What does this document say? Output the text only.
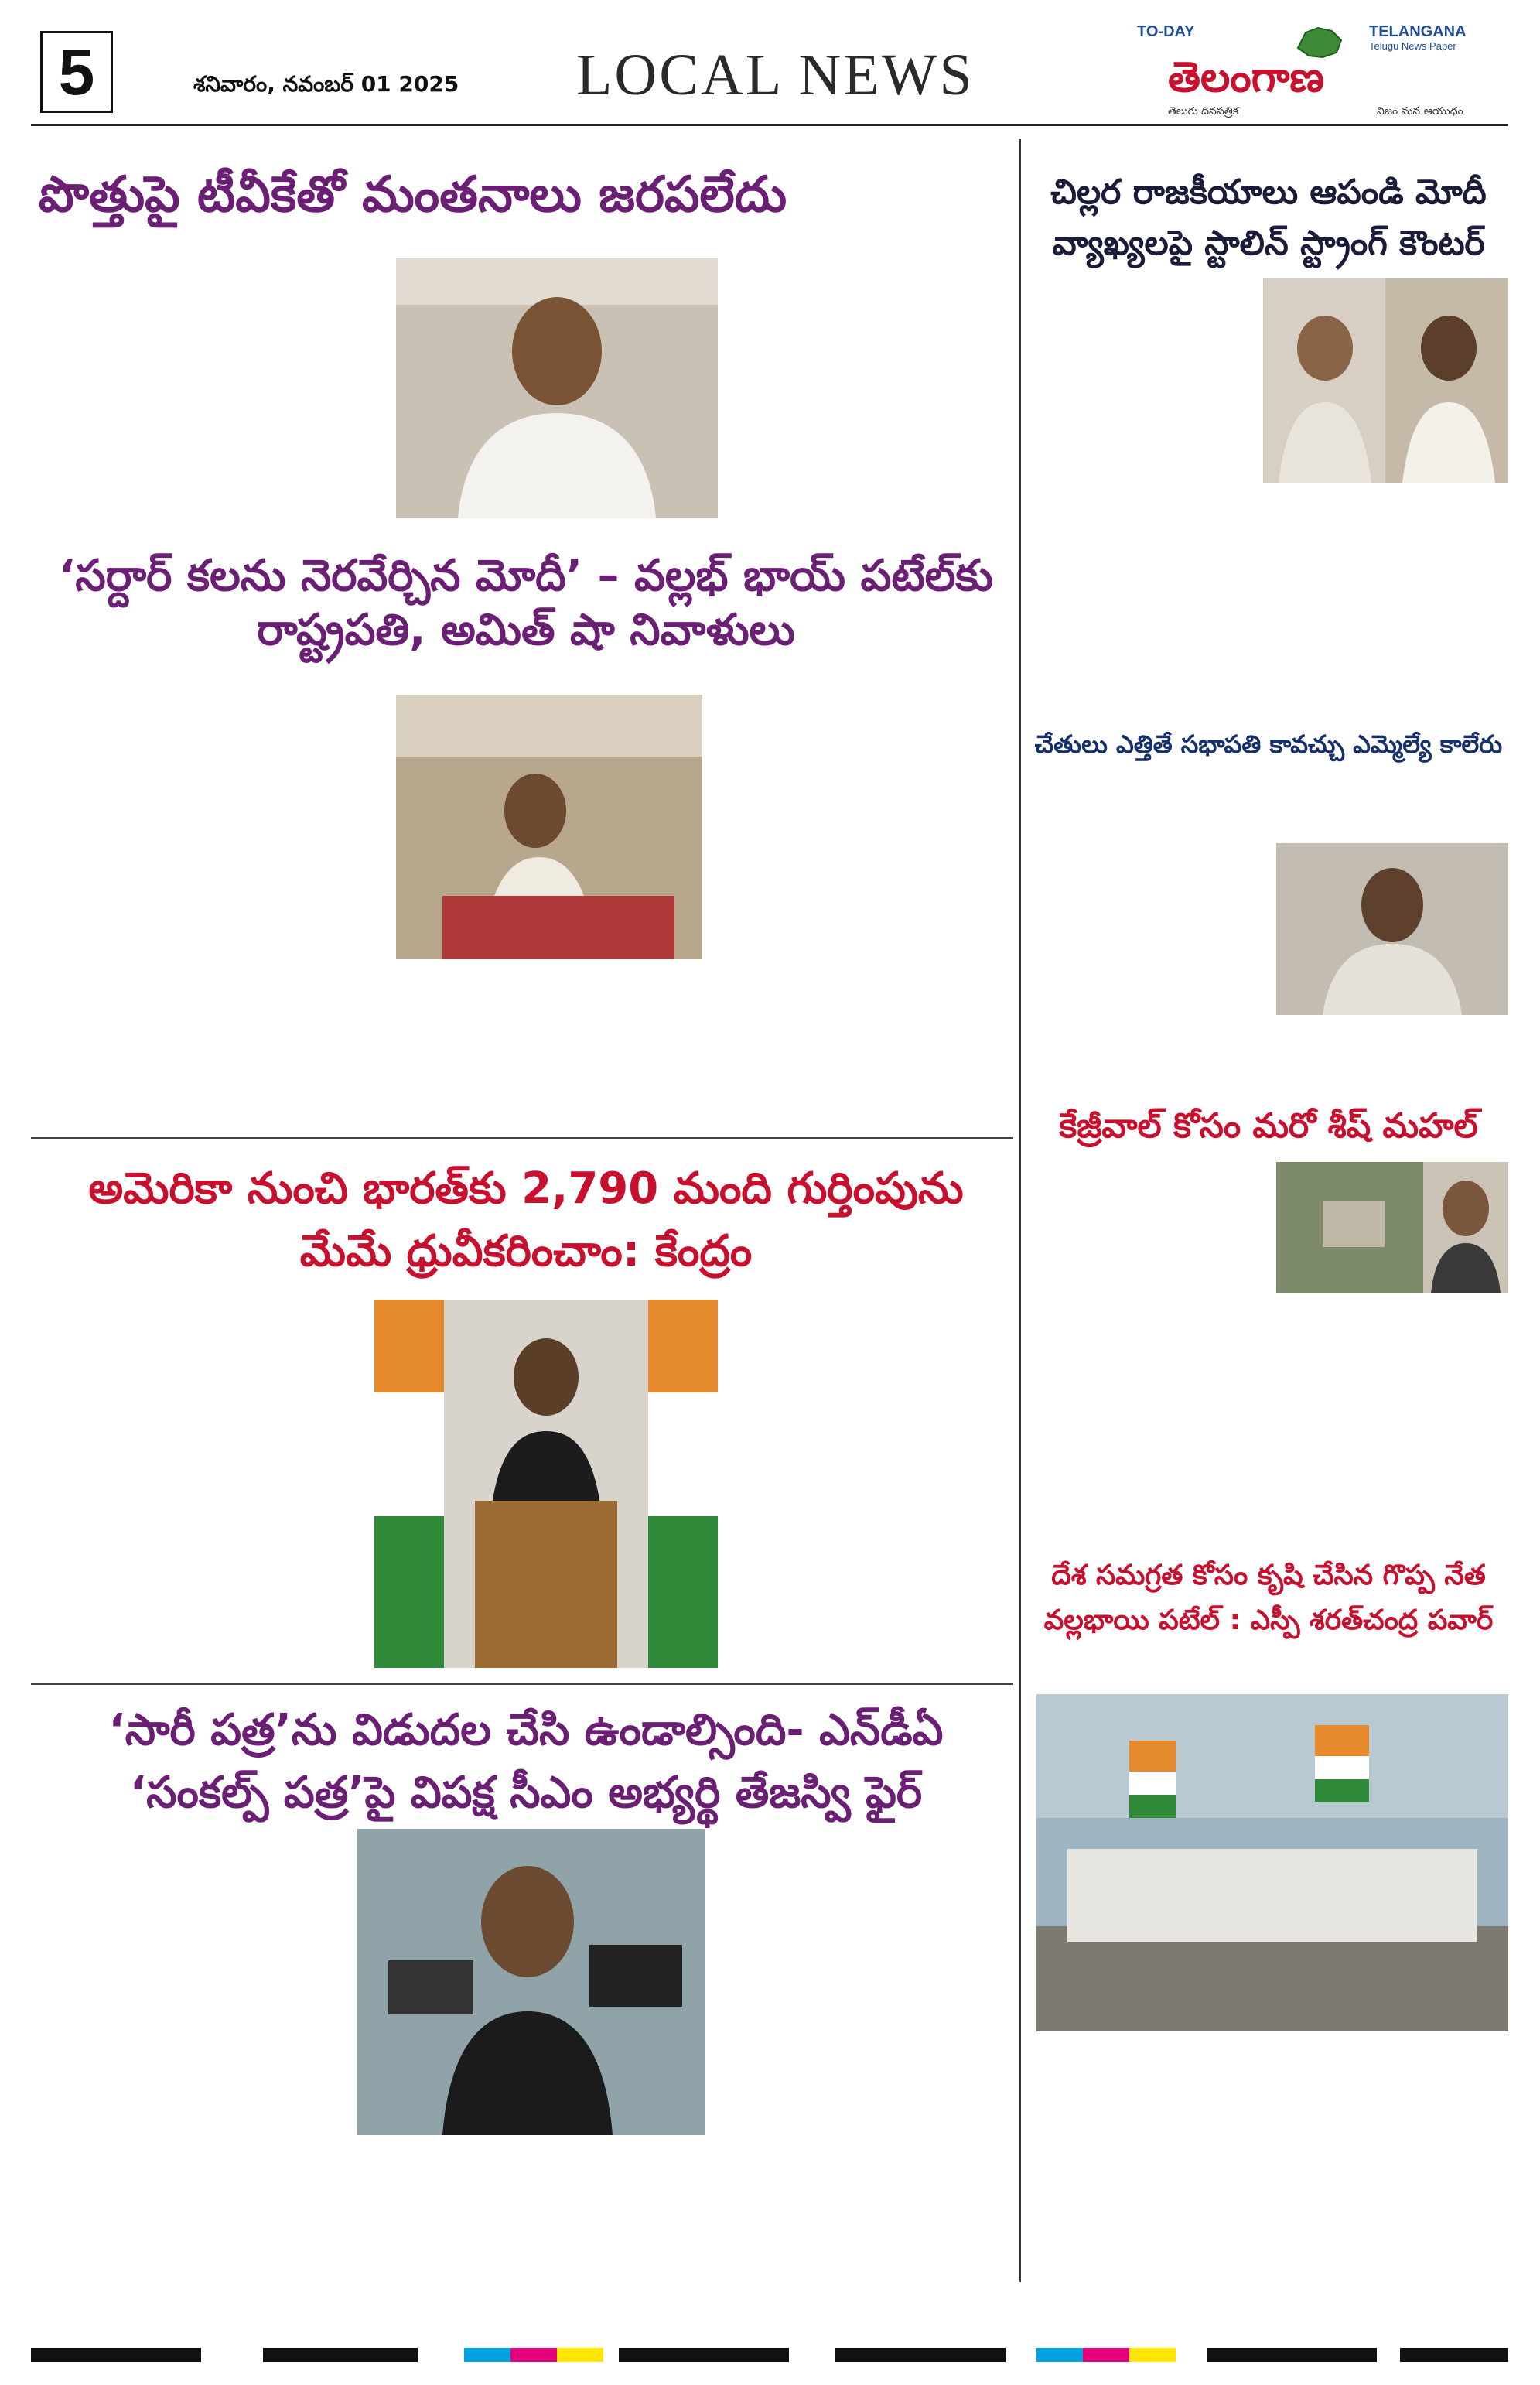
5	శనివారం, నవంబర్ 01 2025 LOCAL NEWS
TO-DAY	TELANGANA
Telugu News Paper
తెలంగాణ
తెలుగు దినపత్రిక	నిజం మన ఆయుధం
పొత్తుపై టీవీకేతో మంతనాలు జరపలేదు
‘సర్దార్ కలను నెరవేర్చిన మోదీ’ – వల్లభ్ భాయ్ పటేల్‌కు రాష్ట్రపతి, అమిత్ షా నివాళులు
అమెరికా నుంచి భారత్‌కు 2,790 మంది గుర్తింపును మేమే ధ్రువీకరించాం: కేంద్రం
‘సారీ పత్ర’ను విడుదల చేసి ఉండాల్సింది- ఎన్‌డీఏ ‘సంకల్ప్ పత్ర’పై విపక్ష సీఎం అభ్యర్థి తేజస్వి ఫైర్
చిల్లర రాజకీయాలు ఆపండి మోదీ వ్యాఖ్యలపై స్టాలిన్ స్ట్రాంగ్ కౌంటర్
చేతులు ఎత్తితే సభాపతి కావచ్చు ఎమ్మెల్యే కాలేరు
కేజ్రీవాల్ కోసం మరో శీష్ మహల్
దేశ సమగ్రత కోసం కృషి చేసిన గొప్ప నేత వల్లభాయి పటేల్ : ఎస్పీ శరత్‌చంద్ర పవార్
